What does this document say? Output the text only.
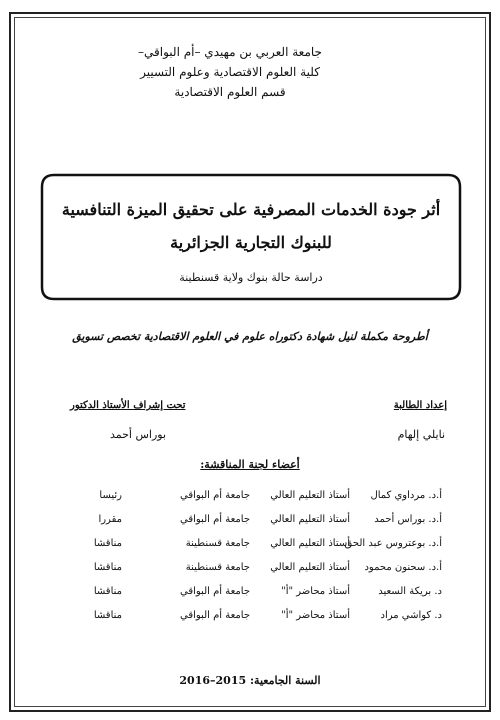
جامعة العربي بن مهيدي –أم البواقي–
كلية العلوم الاقتصادية وعلوم التسيير
قسم العلوم الاقتصادية
أثر جودة الخدمات المصرفية على تحقيق الميزة التنافسية
للبنوك التجارية الجزائرية
دراسة حالة بنوك ولاية قسنطينة
أطروحة مكملة لنيل شهادة دكتوراه علوم في العلوم الاقتصادية تخصص تسويق
إعداد الطالبة
تحت إشراف الأستاذ الدكتور
نايلي إلهام
بوراس أحمد
أعضاء لجنة المناقشة:
أ.د. مرداوي كمال
أستاذ التعليم العالي
جامعة أم البواقي
رئيسا
أ.د. بوراس أحمد
أستاذ التعليم العالي
جامعة أم البواقي
مقررا
أ.د. بوعتروس عبد الحق
أستاذ التعليم العالي
جامعة قسنطينة
مناقشا
أ.د. سحنون محمود
أستاذ التعليم العالي
جامعة قسنطينة
مناقشا
د. بريكة السعيد
أستاذ محاضر "أ"
جامعة أم البواقي
مناقشا
د. كواشي مراد
أستاذ محاضر "أ"
جامعة أم البواقي
مناقشا
السنة الجامعية: 2015–2016
